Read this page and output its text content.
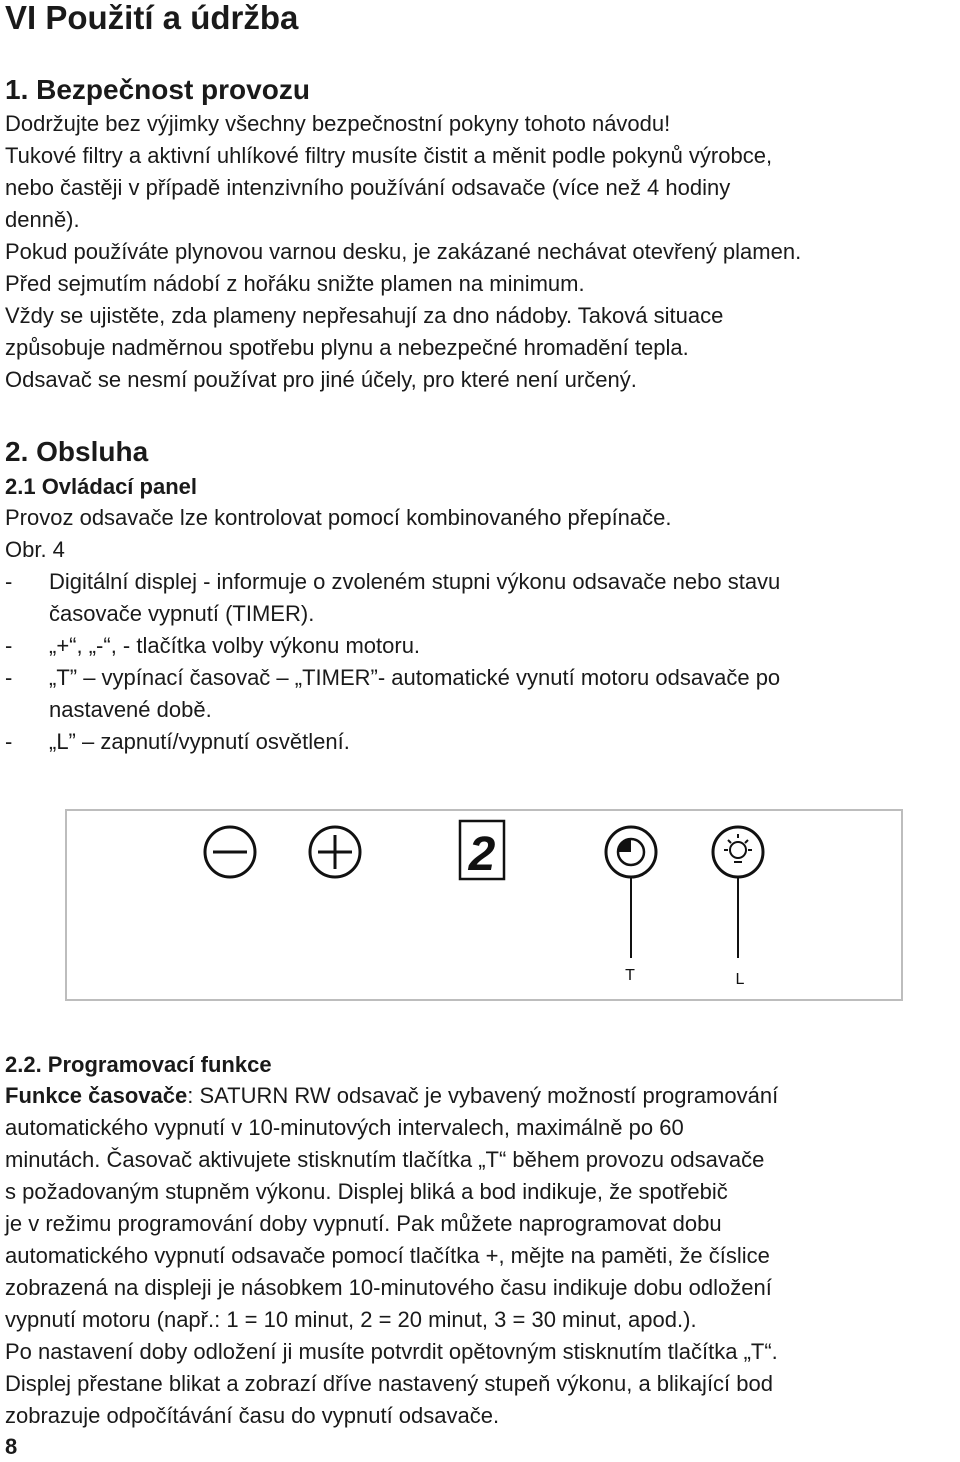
VI Použití a údržba
1. Bezpečnost provozu
Dodržujte bez výjimky všechny bezpečnostní pokyny tohoto návodu!
Tukové filtry a aktivní uhlíkové filtry musíte čistit a měnit podle pokynů výrobce,
nebo častěji v případě intenzivního používání odsavače (více než 4 hodiny
denně).
Pokud používáte plynovou varnou desku, je zakázané nechávat otevřený plamen.
Před sejmutím nádobí z hořáku snižte plamen na minimum.
Vždy se ujistěte, zda plameny nepřesahují za dno nádoby. Taková situace
způsobuje nadměrnou spotřebu plynu a nebezpečné hromadění tepla.
Odsavač se nesmí používat pro jiné účely, pro které není určený.
2. Obsluha
2.1 Ovládací panel
Provoz odsavače lze kontrolovat pomocí kombinovaného přepínače.
Obr. 4
- Digitální displej - informuje o zvoleném stupni výkonu odsavače nebo stavu
časovače vypnutí (TIMER).
- „+“, „-“, - tlačítka volby výkonu motoru.
- „T” – vypínací časovač – „TIMER”- automatické vynutí motoru odsavače po
nastavené době.
- „L” – zapnutí/vypnutí osvětlení.
2
T	L
2.2. Programovací funkce
Funkce časovače: SATURN RW odsavač je vybavený možností programování
automatického vypnutí v 10-minutových intervalech, maximálně po 60
minutách. Časovač aktivujete stisknutím tlačítka „T“ během provozu odsavače
s požadovaným stupněm výkonu. Displej bliká a bod indikuje, že spotřebič
je v režimu programování doby vypnutí. Pak můžete naprogramovat dobu
automatického vypnutí odsavače pomocí tlačítka +, mějte na paměti, že číslice
zobrazená na displeji je násobkem 10-minutového času indikuje dobu odložení
vypnutí motoru (např.: 1 = 10 minut, 2 = 20 minut, 3 = 30 minut, apod.).
Po nastavení doby odložení ji musíte potvrdit opětovným stisknutím tlačítka „T“.
Displej přestane blikat a zobrazí dříve nastavený stupeň výkonu, a blikající bod
zobrazuje odpočítávání času do vypnutí odsavače.
8
